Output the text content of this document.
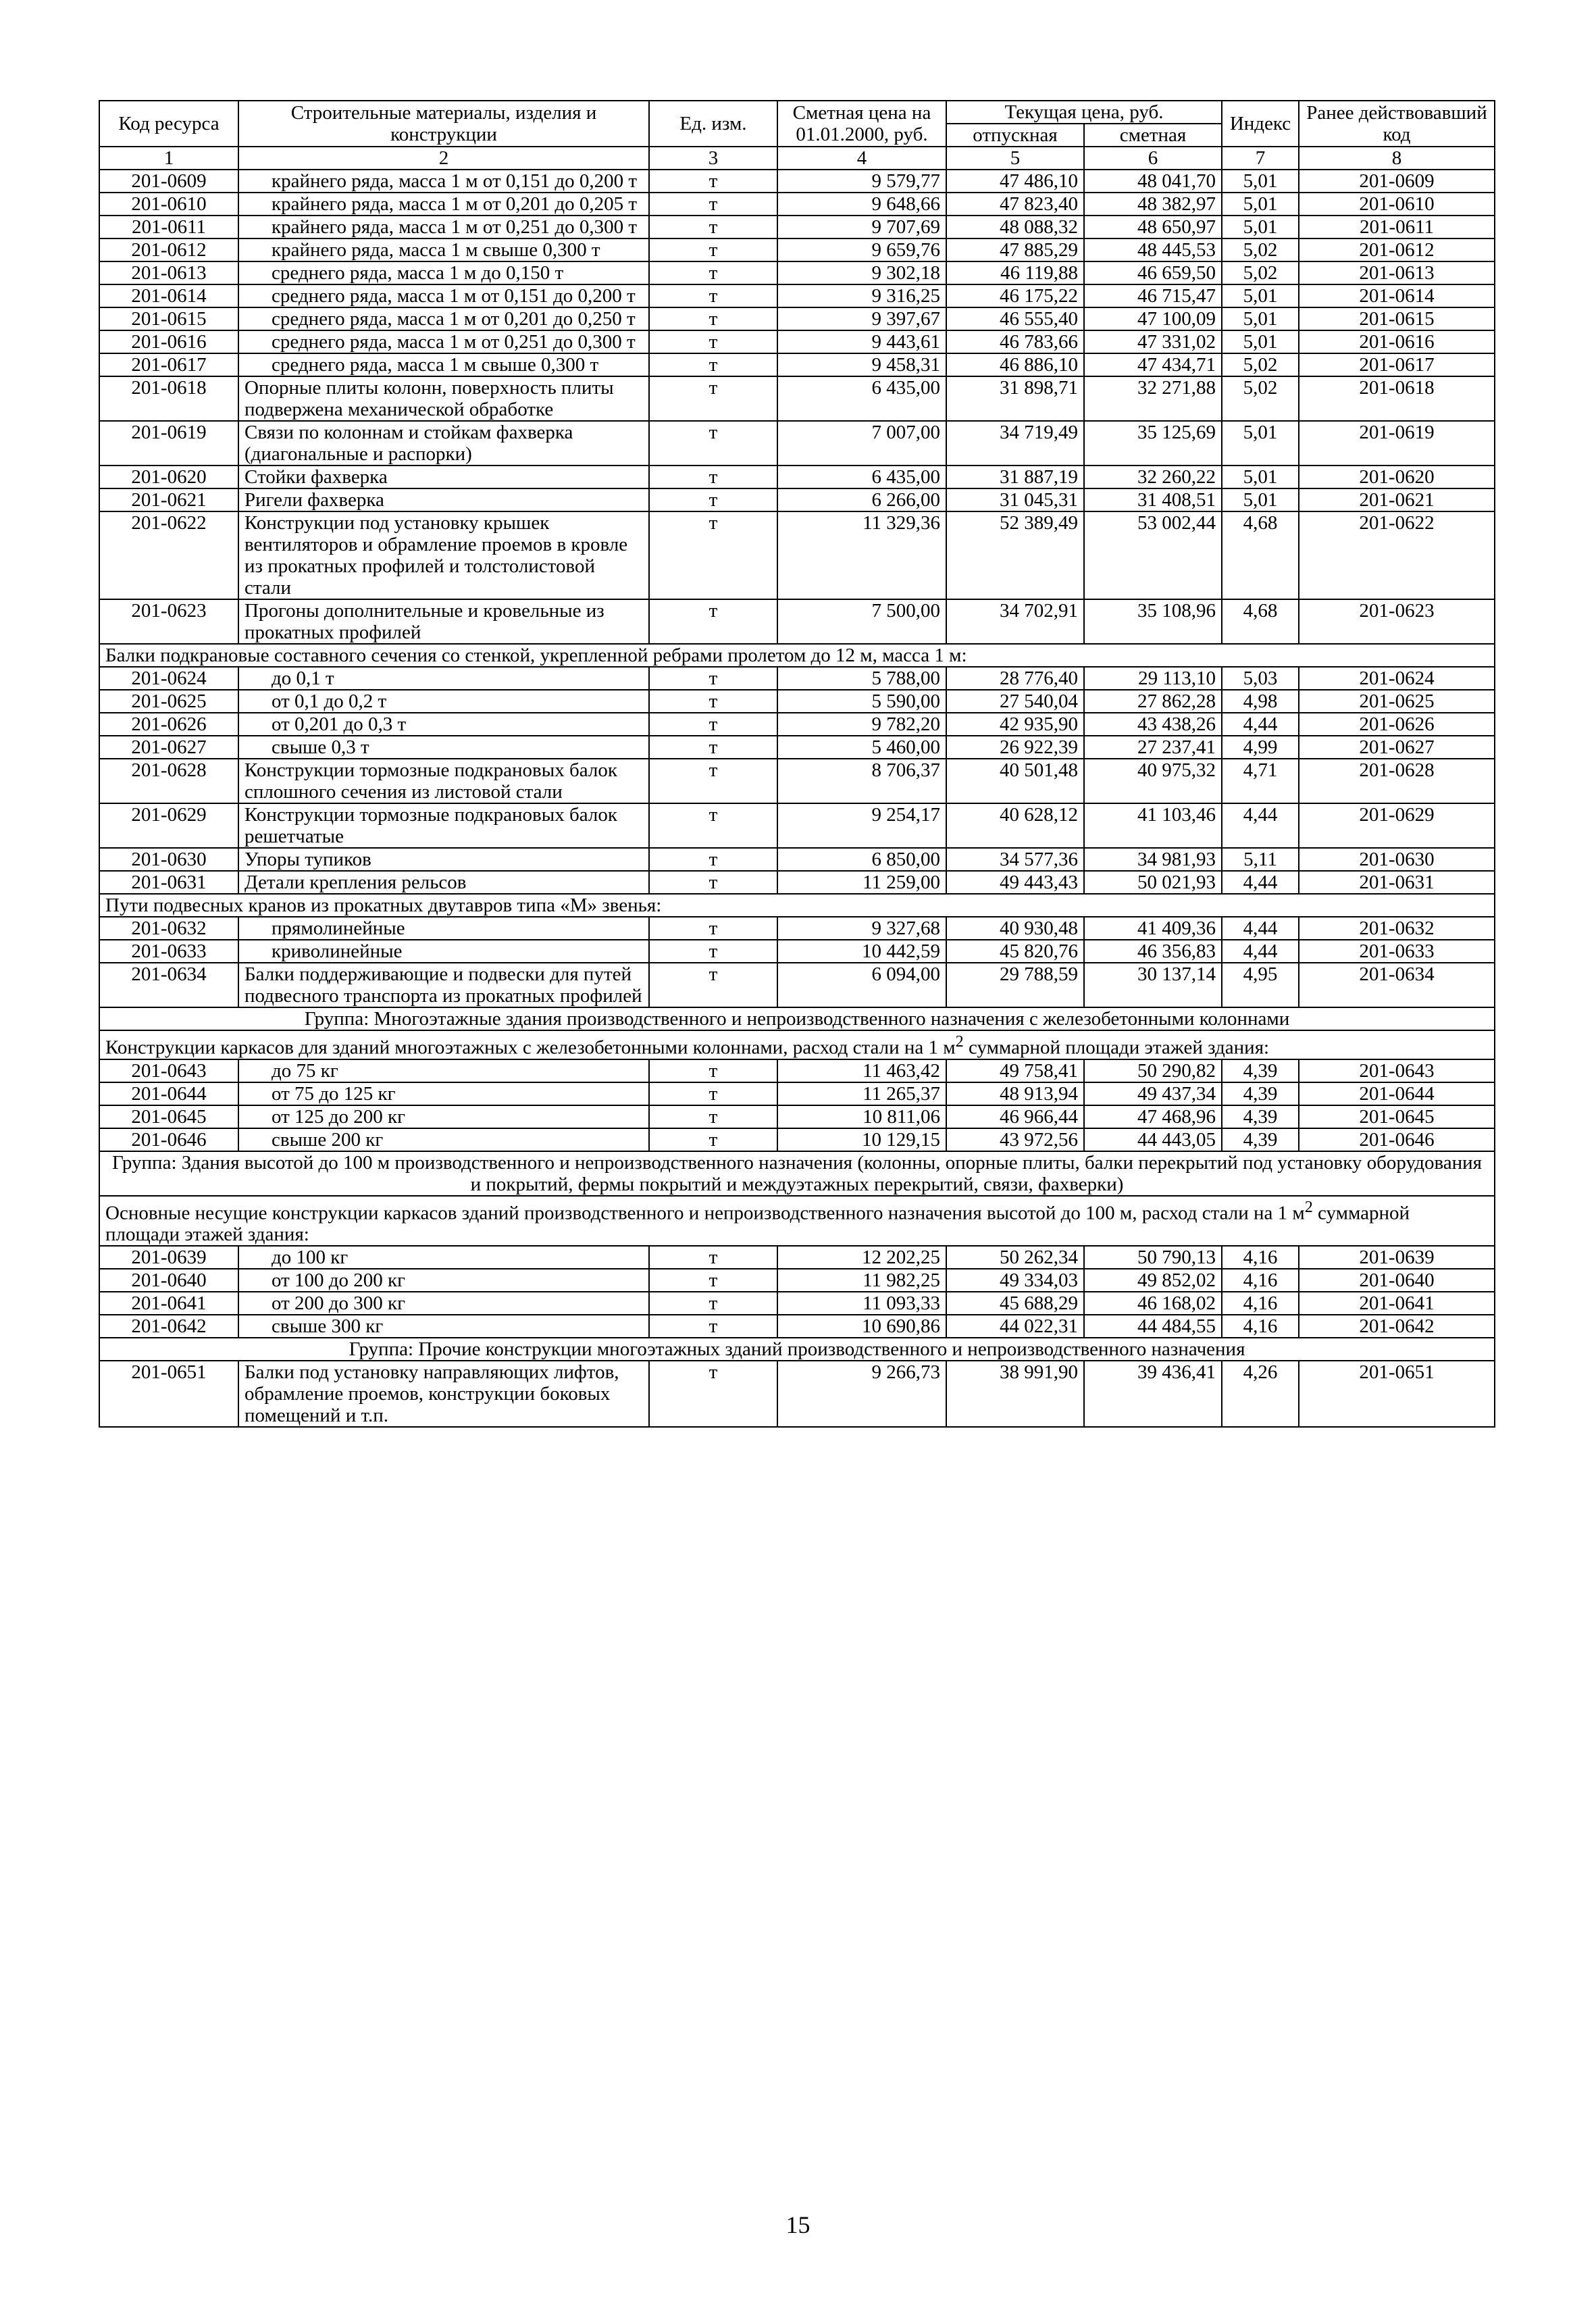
Код ресурса	Строительные материалы, изделия и конструкции	Ед. изм.	Сметная цена на 01.01.2000, руб.	Текущая цена, руб.		Индекс	Ранее действовавший код
				отпускная	сметная		
1	2	3	4	5	6	7	8
201-0609	крайнего ряда, масса 1 м от 0,151 до 0,200 т	т	9 579,77	47 486,10	48 041,70	5,01	201-0609
201-0610	крайнего ряда, масса 1 м от 0,201 до 0,205 т	т	9 648,66	47 823,40	48 382,97	5,01	201-0610
201-0611	крайнего ряда, масса 1 м от 0,251 до 0,300 т	т	9 707,69	48 088,32	48 650,97	5,01	201-0611
201-0612	крайнего ряда, масса 1 м свыше 0,300 т	т	9 659,76	47 885,29	48 445,53	5,02	201-0612
201-0613	среднего ряда, масса 1 м до 0,150 т	т	9 302,18	46 119,88	46 659,50	5,02	201-0613
201-0614	среднего ряда, масса 1 м от 0,151 до 0,200 т	т	9 316,25	46 175,22	46 715,47	5,01	201-0614
201-0615	среднего ряда, масса 1 м от 0,201 до 0,250 т	т	9 397,67	46 555,40	47 100,09	5,01	201-0615
201-0616	среднего ряда, масса 1 м от 0,251 до 0,300 т	т	9 443,61	46 783,66	47 331,02	5,01	201-0616
201-0617	среднего ряда, масса 1 м свыше 0,300 т	т	9 458,31	46 886,10	47 434,71	5,02	201-0617
201-0618	Опорные плиты колонн, поверхность плиты подвержена механической обработке	т	6 435,00	31 898,71	32 271,88	5,02	201-0618
201-0619	Связи по колоннам и стойкам фахверка (диагональные и распорки)	т	7 007,00	34 719,49	35 125,69	5,01	201-0619
201-0620	Стойки фахверка	т	6 435,00	31 887,19	32 260,22	5,01	201-0620
201-0621	Ригели фахверка	т	6 266,00	31 045,31	31 408,51	5,01	201-0621
201-0622	Конструкции под установку крышек вентиляторов и обрамление проемов в кровле из прокатных профилей и толстолистовой стали	т	11 329,36	52 389,49	53 002,44	4,68	201-0622
201-0623	Прогоны дополнительные и кровельные из прокатных профилей	т	7 500,00	34 702,91	35 108,96	4,68	201-0623
Балки подкрановые составного сечения со стенкой, укрепленной ребрами пролетом до 12 м, масса 1 м:							
201-0624	до 0,1 т	т	5 788,00	28 776,40	29 113,10	5,03	201-0624
201-0625	от 0,1 до 0,2 т	т	5 590,00	27 540,04	27 862,28	4,98	201-0625
201-0626	от 0,201 до 0,3 т	т	9 782,20	42 935,90	43 438,26	4,44	201-0626
201-0627	свыше 0,3 т	т	5 460,00	26 922,39	27 237,41	4,99	201-0627
201-0628	Конструкции тормозные подкрановых балок сплошного сечения из листовой стали	т	8 706,37	40 501,48	40 975,32	4,71	201-0628
201-0629	Конструкции тормозные подкрановых балок решетчатые	т	9 254,17	40 628,12	41 103,46	4,44	201-0629
201-0630	Упоры тупиков	т	6 850,00	34 577,36	34 981,93	5,11	201-0630
201-0631	Детали крепления рельсов	т	11 259,00	49 443,43	50 021,93	4,44	201-0631
Пути подвесных кранов из прокатных двутавров типа «М» звенья:							
201-0632	прямолинейные	т	9 327,68	40 930,48	41 409,36	4,44	201-0632
201-0633	криволинейные	т	10 442,59	45 820,76	46 356,83	4,44	201-0633
201-0634	Балки поддерживающие и подвески для путей подвесного транспорта из прокатных профилей	т	6 094,00	29 788,59	30 137,14	4,95	201-0634
Группа: Многоэтажные здания производственного и непроизводственного назначения с железобетонными колоннами							
Конструкции каркасов для зданий многоэтажных с железобетонными колоннами, расход стали на 1 $м^2$ суммарной площади этажей здания:							
201-0643	до 75 кг	т	11 463,42	49 758,41	50 290,82	4,39	201-0643
201-0644	от 75 до 125 кг	т	11 265,37	48 913,94	49 437,34	4,39	201-0644
201-0645	от 125 до 200 кг	т	10 811,06	46 966,44	47 468,96	4,39	201-0645
201-0646	свыше 200 кг	т	10 129,15	43 972,56	44 443,05	4,39	201-0646
Группа: Здания высотой до 100 м производственного и непроизводственного назначения (колонны, опорные плиты, балки перекрытий под установку оборудования и покрытий, фермы покрытий и междуэтажных перекрытий, связи, фахверки)							
Основные несущие конструкции каркасов зданий производственного и непроизводственного назначения высотой до 100 м, расход стали на 1 $м^2$ суммарной площади этажей здания:							
201-0639	до 100 кг	т	12 202,25	50 262,34	50 790,13	4,16	201-0639
201-0640	от 100 до 200 кг	т	11 982,25	49 334,03	49 852,02	4,16	201-0640
201-0641	от 200 до 300 кг	т	11 093,33	45 688,29	46 168,02	4,16	201-0641
201-0642	свыше 300 кг	т	10 690,86	44 022,31	44 484,55	4,16	201-0642
Группа: Прочие конструкции многоэтажных зданий производственного и непроизводственного назначения							
201-0651	Балки под установку направляющих лифтов, обрамление проемов, конструкции боковых помещений и т.п.	т	9 266,73	38 991,90	39 436,41	4,26	201-0651
15
